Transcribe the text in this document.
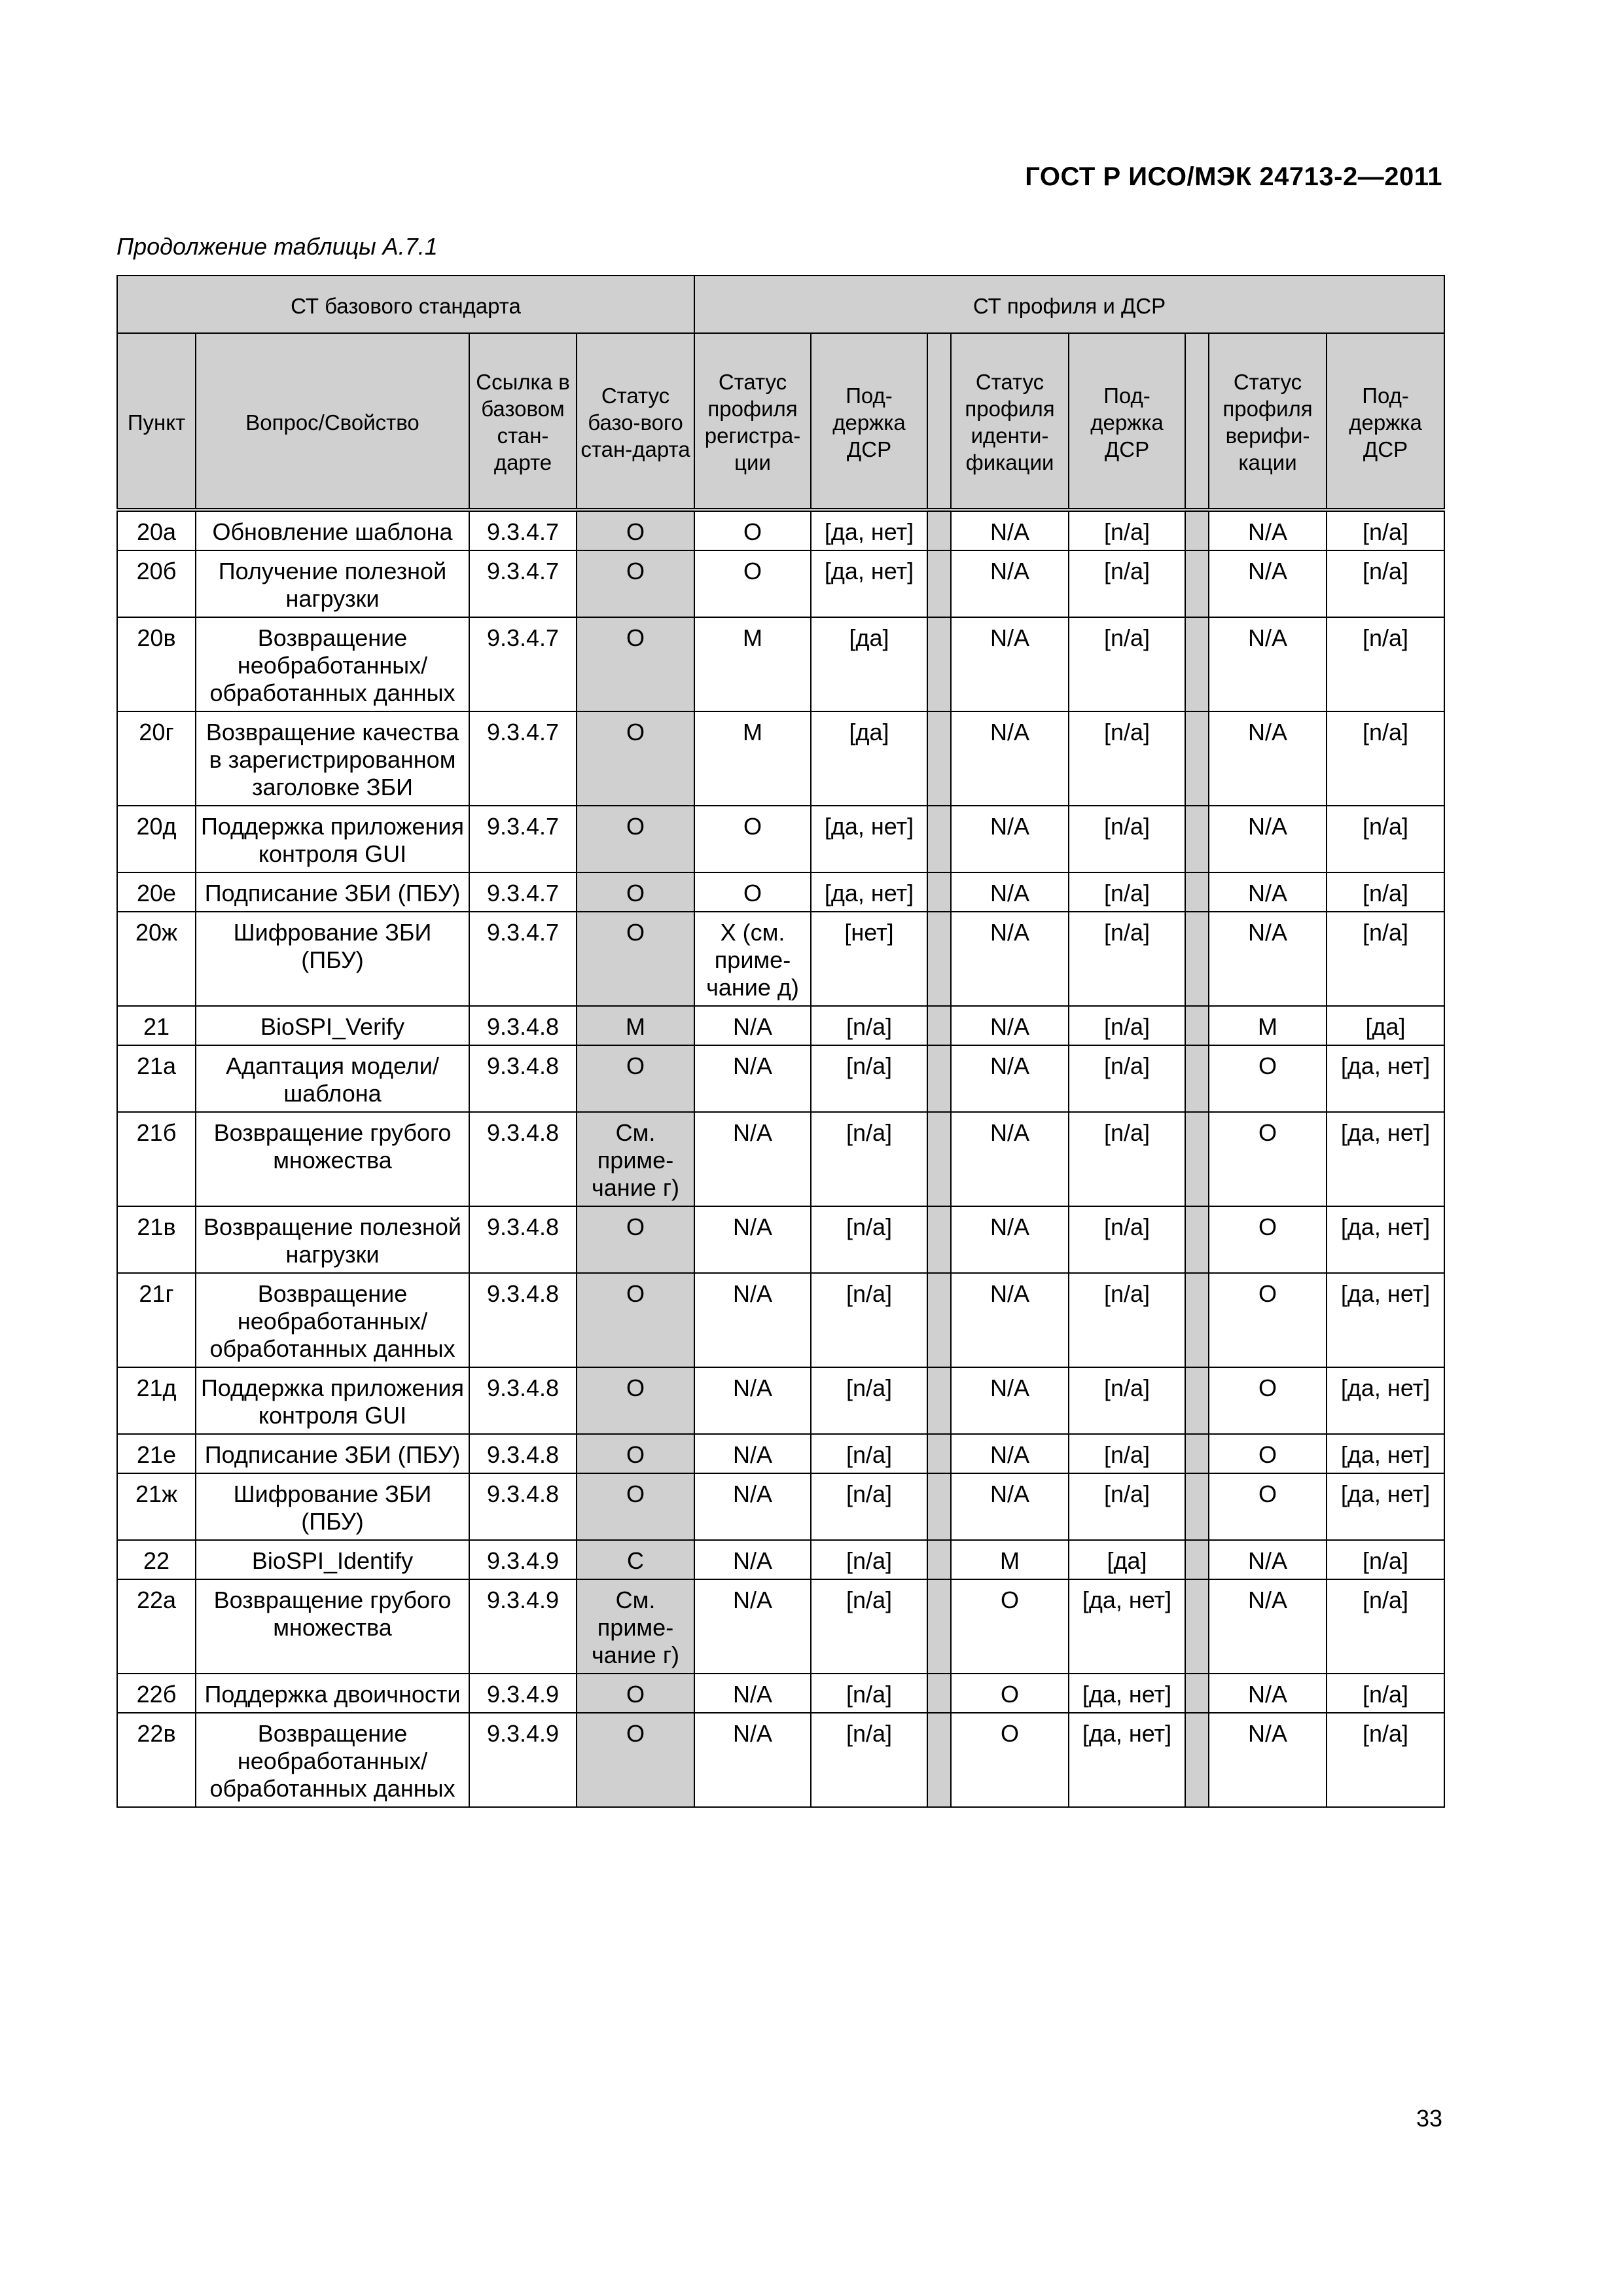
ГОСТ Р ИСО/МЭК 24713-2—2011
Продолжение таблицы А.7.1
СТ базового стандарта				СТ профиля и ДСР							
Пункт	Вопрос/Свойство	Ссылка в базовом стан-дарте	Статус базо-вого стан-дарта	Статус профиля регистра-ции	Под-держка ДСР		Статус профиля иденти-фикации	Под-держка ДСР		Статус профиля верифи-кации	Под-держка ДСР
20а	Обновление шаблона	9.3.4.7	O	O	[да, нет]		N/A	[n/a]		N/A	[n/a]
20б	Получение полезной нагрузки	9.3.4.7	O	O	[да, нет]		N/A	[n/a]		N/A	[n/a]
20в	Возвращение необработанных/обработанных данных	9.3.4.7	O	M	[да]		N/A	[n/a]		N/A	[n/a]
20г	Возвращение качества в зарегистрированном заголовке ЗБИ	9.3.4.7	O	M	[да]		N/A	[n/a]		N/A	[n/a]
20д	Поддержка приложения контроля GUI	9.3.4.7	O	O	[да, нет]		N/A	[n/a]		N/A	[n/a]
20е	Подписание ЗБИ (ПБУ)	9.3.4.7	O	O	[да, нет]		N/A	[n/a]		N/A	[n/a]
20ж	Шифрование ЗБИ (ПБУ)	9.3.4.7	O	X (см. приме-чание д)	[нет]		N/A	[n/a]		N/A	[n/a]
21	BioSPI_Verify	9.3.4.8	M	N/A	[n/a]		N/A	[n/a]		M	[да]
21а	Адаптация модели/шаблона	9.3.4.8	O	N/A	[n/a]		N/A	[n/a]		O	[да, нет]
21б	Возвращение грубого множества	9.3.4.8	См. приме-чание г)	N/A	[n/a]		N/A	[n/a]		O	[да, нет]
21в	Возвращение полезной нагрузки	9.3.4.8	O	N/A	[n/a]		N/A	[n/a]		O	[да, нет]
21г	Возвращение необработанных/ обработанных данных	9.3.4.8	O	N/A	[n/a]		N/A	[n/a]		O	[да, нет]
21д	Поддержка приложения контроля GUI	9.3.4.8	O	N/A	[n/a]		N/A	[n/a]		O	[да, нет]
21е	Подписание ЗБИ (ПБУ)	9.3.4.8	O	N/A	[n/a]		N/A	[n/a]		O	[да, нет]
21ж	Шифрование ЗБИ (ПБУ)	9.3.4.8	O	N/A	[n/a]		N/A	[n/a]		O	[да, нет]
22	BioSPI_Identify	9.3.4.9	C	N/A	[n/a]		M	[да]		N/A	[n/a]
22а	Возвращение грубого множества	9.3.4.9	См. приме-чание г)	N/A	[n/a]		O	[да, нет]		N/A	[n/a]
22б	Поддержка двоичности	9.3.4.9	O	N/A	[n/a]		O	[да, нет]		N/A	[n/a]
22в	Возвращение необработанных/ обработанных данных	9.3.4.9	O	N/A	[n/a]		O	[да, нет]		N/A	[n/a]
33
